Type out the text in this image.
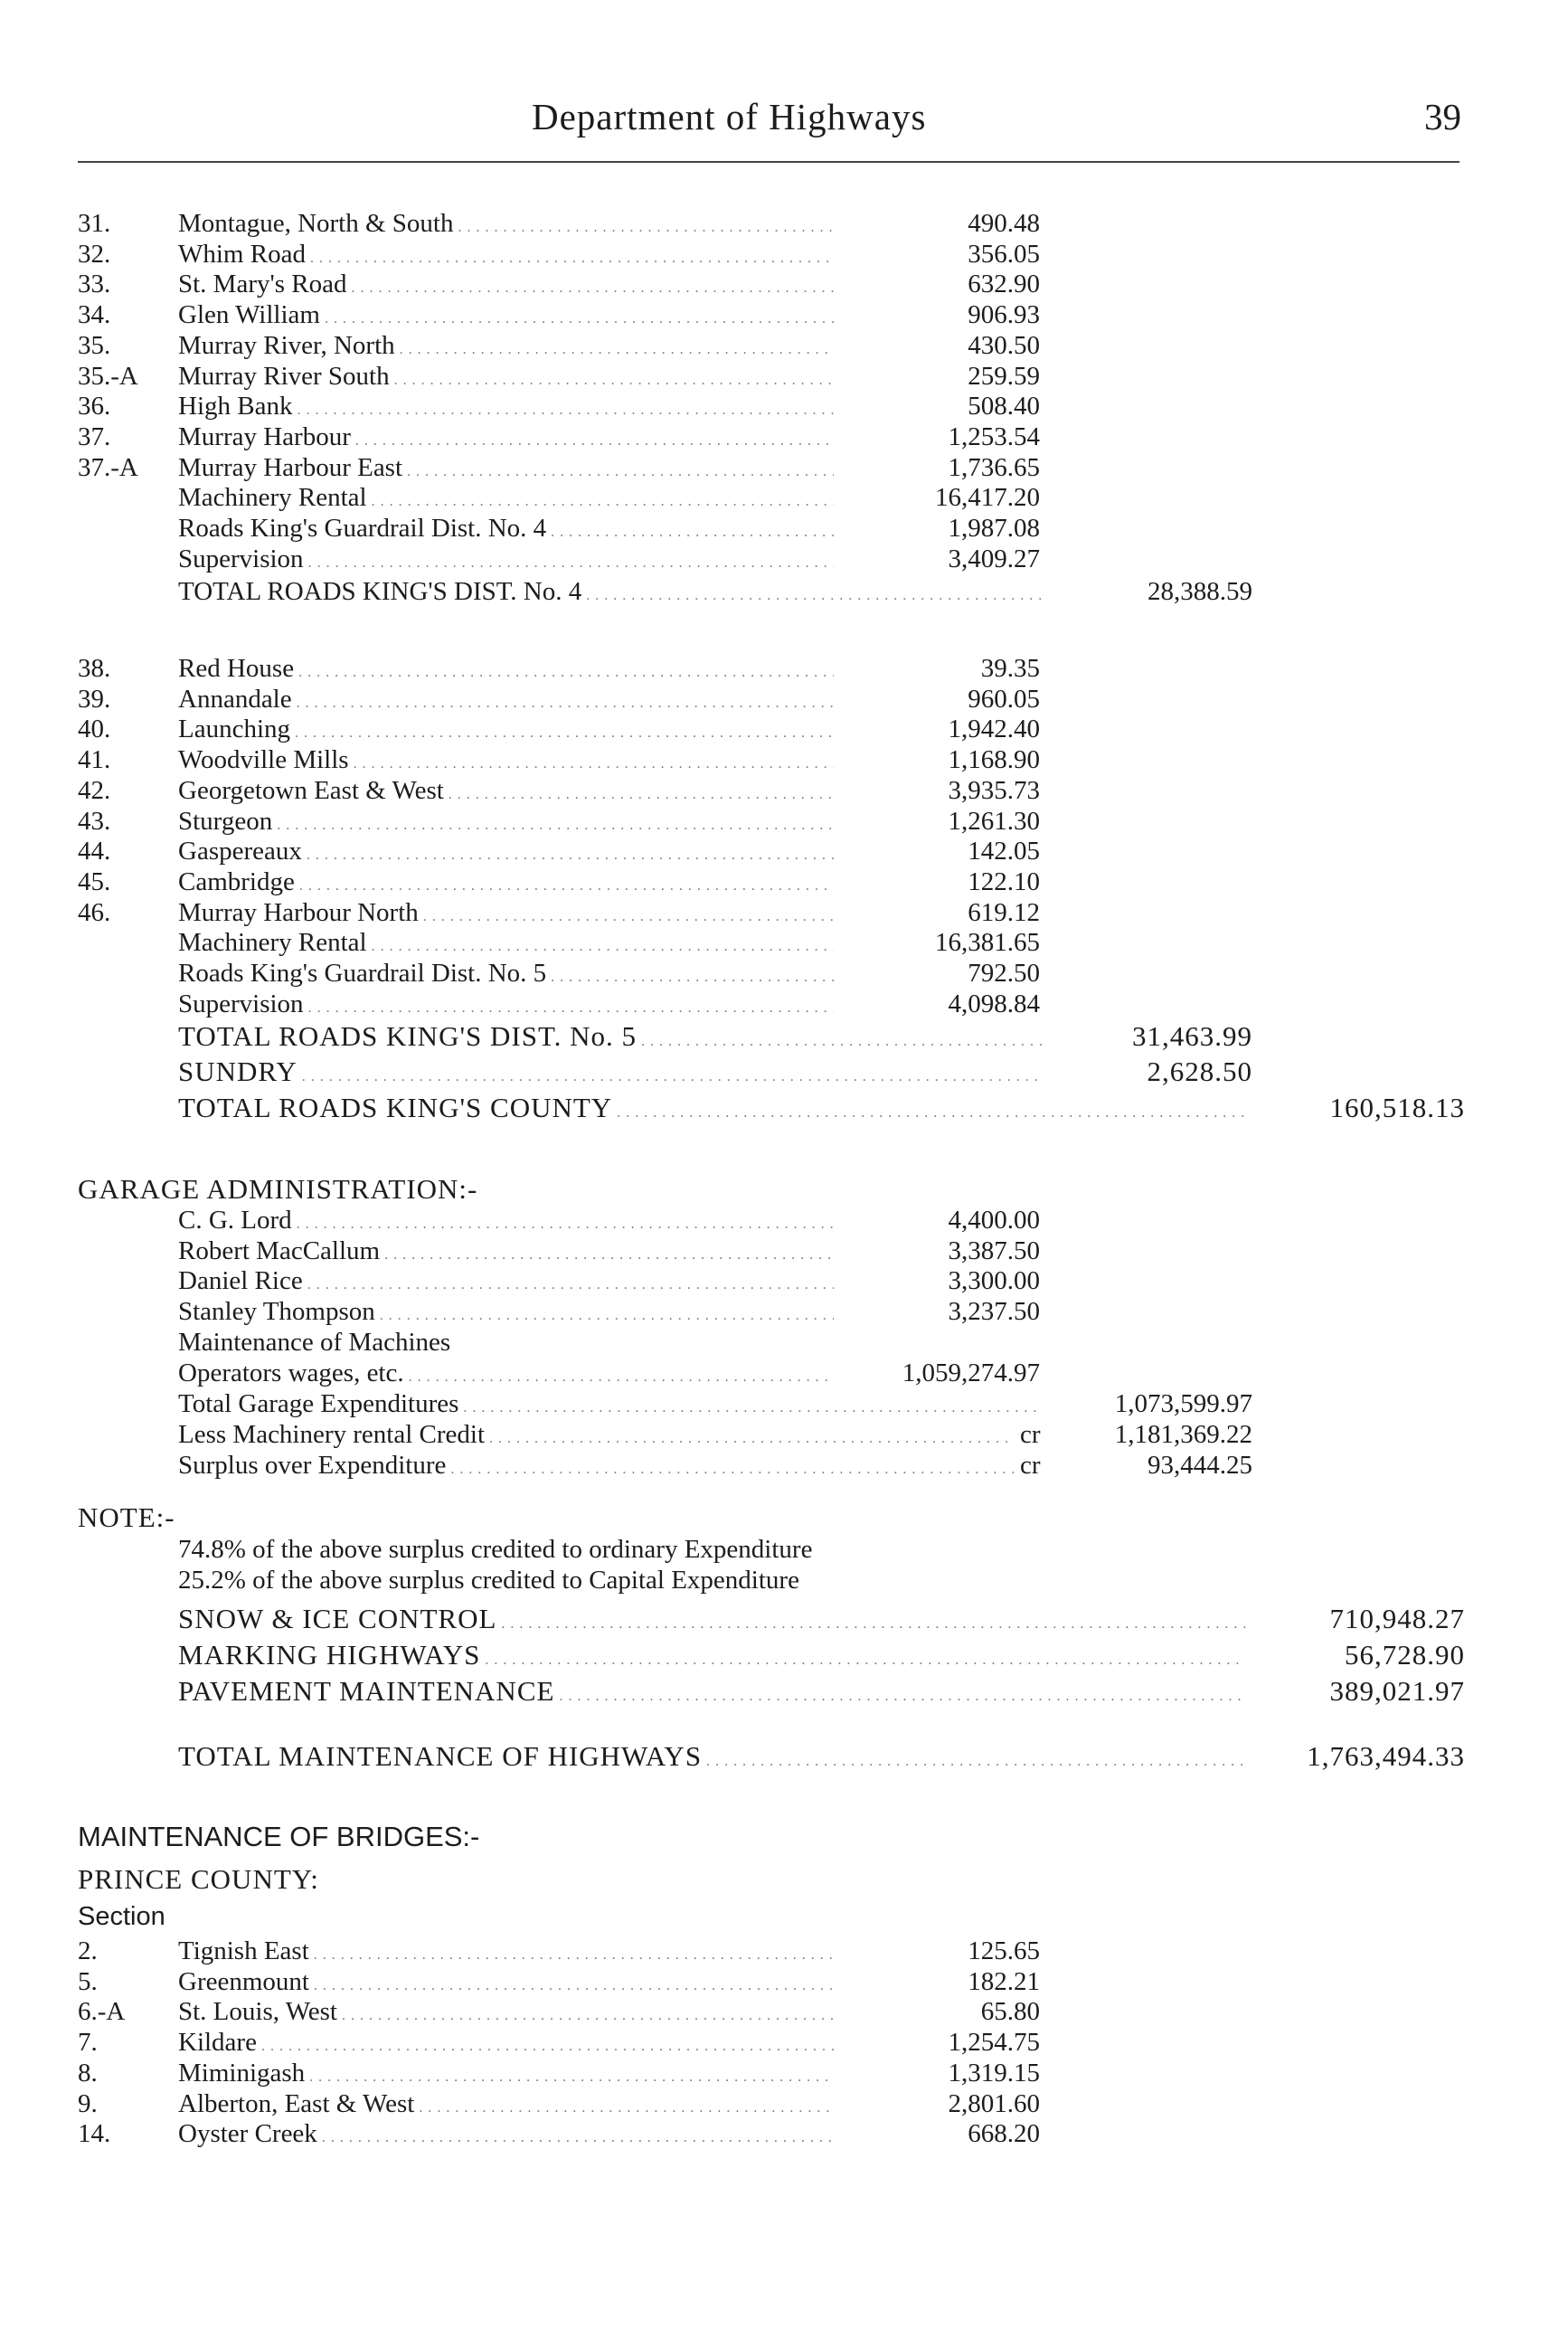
Department of Highways	39
31.	Montague, North & South . . .	490.48
32.	Whim Road . . .	356.05
33.	St. Mary's Road . . .	632.90
34.	Glen William . . .	906.93
35.	Murray River, North . . .	430.50
35.-A Murray River South . . .	259.59
36.	High Bank . . .	508.40
37.	Murray Harbour . . .	1,253.54
37.-A Murray Harbour East . . .	1,736.65
Machinery Rental . . .	16,417.20
Roads King's Guardrail Dist. No. 4 . . .	1,987.08
Supervision . . .	3,409.27
TOTAL ROADS KING'S DIST. No. 4 . . .	28,388.59
38.	Red House . . .	39.35
39.	Annandale . . .	960.05
40.	Launching . . .	1,942.40
41.	Woodville Mills . . .	1,168.90
42.	Georgetown East & West . . .	3,935.73
43.	Sturgeon . . .	1,261.30
44.	Gaspereaux . . .	142.05
45.	Cambridge . . .	122.10
46.	Murray Harbour North . . .	619.12
Machinery Rental . . .	16,381.65
Roads King's Guardrail Dist. No. 5 . . .	792.50
Supervision . . .	4,098.84
TOTAL ROADS KING'S DIST. No. 5 . . .	31,463.99
SUNDRY . . .	2,628.50
TOTAL ROADS KING'S COUNTY . . .	160,518.13
GARAGE ADMINISTRATION:-
C. G. Lord . . .	4,400.00
Robert MacCallum . . .	3,387.50
Daniel Rice . . .	3,300.00
Stanley Thompson . . .	3,237.50
Maintenance of Machines
Operators wages, etc. . . .	1,059,274.97
Total Garage Expenditures . . .	1,073,599.97
Less Machinery rental Credit . . .	cr	1,181,369.22
Surplus over Expenditure . . .	cr	93,444.25
NOTE:-
74.8% of the above surplus credited to ordinary Expenditure
25.2% of the above surplus credited to Capital Expenditure
SNOW & ICE CONTROL . . .	710,948.27
MARKING HIGHWAYS . . .	56,728.90
PAVEMENT MAINTENANCE . . .	389,021.97
TOTAL MAINTENANCE OF HIGHWAYS . . .	1,763,494.33
MAINTENANCE OF BRIDGES:-
PRINCE COUNTY:
Section
2.	Tignish East . . .	125.65
5.	Greenmount . . .	182.21
6.-A St. Louis, West . . .	65.80
7.	Kildare . . .	1,254.75
8.	Miminigash . . .	1,319.15
9.	Alberton, East & West . . .	2,801.60
14.	Oyster Creek . . .	668.20
